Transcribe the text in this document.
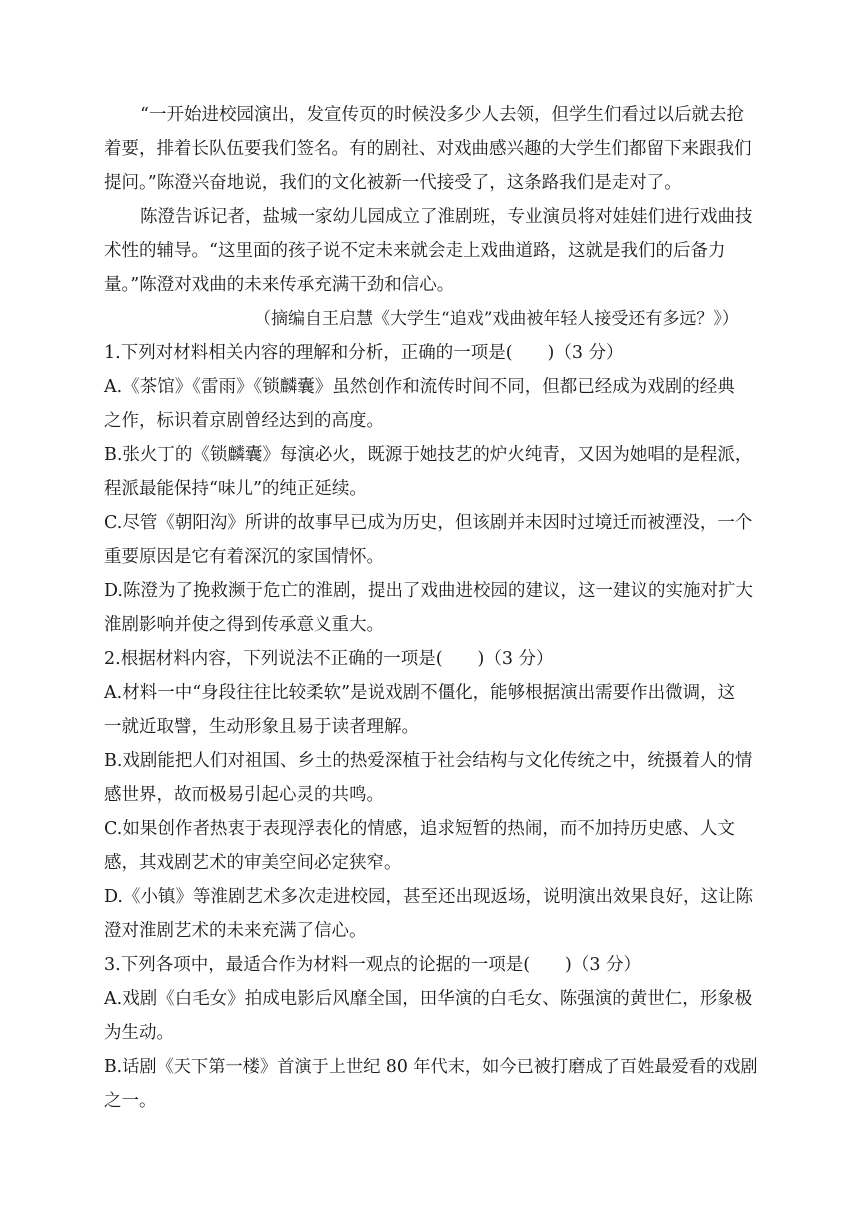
“一开始进校园演出，发宣传页的时候没多少人去领，但学生们看过以后就去抢

着要，排着长队伍要我们签名。有的剧社、对戏曲感兴趣的大学生们都留下来跟我们

提问。”陈澄兴奋地说，我们的文化被新一代接受了，这条路我们是走对了。

陈澄告诉记者，盐城一家幼儿园成立了淮剧班，专业演员将对娃娃们进行戏曲技

术性的辅导。“这里面的孩子说不定未来就会走上戏曲道路，这就是我们的后备力

量。”陈澄对戏曲的未来传承充满干劲和信心。

（摘编自王启慧《大学生“追戏”戏曲被年轻人接受还有多远？》）

1.下列对材料相关内容的理解和分析，正确的一项是(　　)（3 分）

A.《茶馆》《雷雨》《锁麟囊》虽然创作和流传时间不同，但都已经成为戏剧的经典

之作，标识着京剧曾经达到的高度。

B.张火丁的《锁麟囊》每演必火，既源于她技艺的炉火纯青，又因为她唱的是程派，

程派最能保持“味儿”的纯正延续。

C.尽管《朝阳沟》所讲的故事早已成为历史，但该剧并未因时过境迁而被湮没，一个

重要原因是它有着深沉的家国情怀。

D.陈澄为了挽救濒于危亡的淮剧，提出了戏曲进校园的建议，这一建议的实施对扩大

淮剧影响并使之得到传承意义重大。

2.根据材料内容，下列说法不正确的一项是(　　)（3 分）

A.材料一中“身段往往比较柔软”是说戏剧不僵化，能够根据演出需要作出微调，这

一就近取譬，生动形象且易于读者理解。

B.戏剧能把人们对祖国、乡土的热爱深植于社会结构与文化传统之中，统摄着人的情

感世界，故而极易引起心灵的共鸣。

C.如果创作者热衷于表现浮表化的情感，追求短暂的热闹，而不加持历史感、人文

感，其戏剧艺术的审美空间必定狭窄。

D.《小镇》等淮剧艺术多次走进校园，甚至还出现返场，说明演出效果良好，这让陈

澄对淮剧艺术的未来充满了信心。

3.下列各项中，最适合作为材料一观点的论据的一项是(　　)（3 分）

A.戏剧《白毛女》拍成电影后风靡全国，田华演的白毛女、陈强演的黄世仁，形象极

为生动。

B.话剧《天下第一楼》首演于上世纪 80 年代末，如今已被打磨成了百姓最爱看的戏剧

之一。
